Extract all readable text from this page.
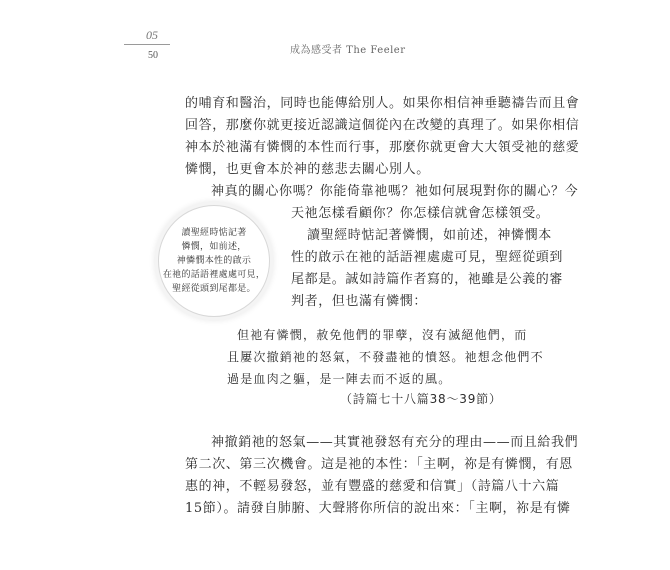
05
50	成為感受者 The Feeler

的哺育和醫治，同時也能傳給別人。如果你相信神垂聽禱告而且會
回答，那麼你就更接近認識這個從內在改變的真理了。如果你相信
神本於祂滿有憐憫的本性而行事，那麼你就更會大大領受祂的慈愛
憐憫，也更會本於神的慈悲去關心別人。

神真的關心你嗎？你能倚靠祂嗎？祂如何展現對你的關心？今
天祂怎樣看顧你？你怎樣信就會怎樣領受。

讀聖經時惦記著
憐憫，如前述，
神憐憫本性的啟示
在祂的話語裡處處可見，
聖經從頭到尾都是。

讀聖經時惦記著憐憫，如前述，神憐憫本
性的啟示在祂的話語裡處處可見，聖經從頭到
尾都是。誠如詩篇作者寫的，祂雖是公義的審
判者，但也滿有憐憫：

但祂有憐憫，赦免他們的罪孽，沒有滅絕他們，而
且屢次撤銷祂的怒氣，不發盡祂的憤怒。祂想念他們不
過是血肉之軀，是一陣去而不返的風。
（詩篇七十八篇38～39節）

神撤銷祂的怒氣——其實祂發怒有充分的理由——而且給我們
第二次、第三次機會。這是祂的本性：「主啊，祢是有憐憫，有恩
惠的神，不輕易發怒，並有豐盛的慈愛和信實」（詩篇八十六篇
15節）。請發自肺腑、大聲將你所信的說出來：「主啊，祢是有憐
